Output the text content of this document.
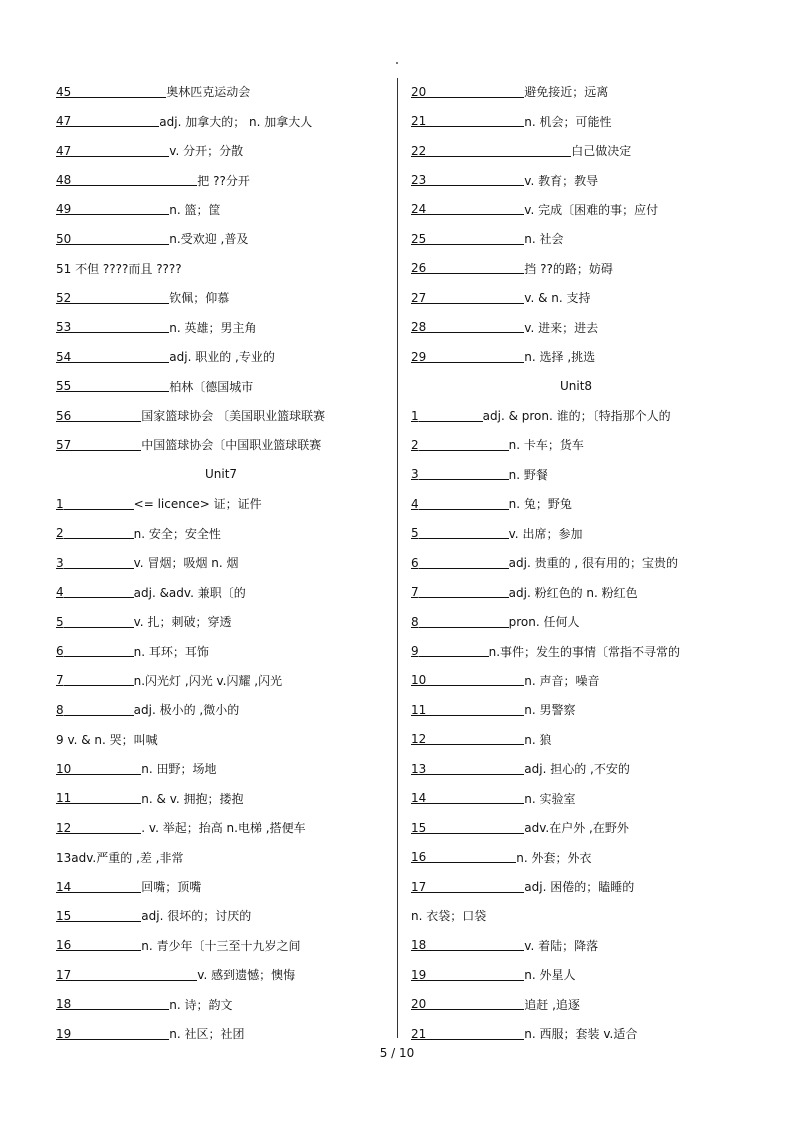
45	奥林匹克运动会
47	adj. 加拿大的； n. 加拿大人
47	v. 分开；分散
48	把 ??分开
49	n. 篮；筐
50	n.受欢迎 ,普及
51 不但 ????而且 ????
52	钦佩；仰慕
53	n. 英雄；男主角
54	adj. 职业的 ,专业的
55	柏林〔德国城市
56	国家篮球协会 〔美国职业篮球联赛
57	中国篮球协会〔中国职业篮球联赛
Unit7
1	<= licence> 证；证件
2	n. 安全；安全性
3	v. 冒烟；吸烟 n. 烟
4	adj. &adv. 兼职〔的
5	v. 扎；刺破；穿透
6	n. 耳环；耳饰
7	n.闪光灯 ,闪光 v.闪耀 ,闪光
8	adj. 极小的 ,微小的
9 v. & n. 哭；叫喊
10	n. 田野；场地
11	n. & v. 拥抱；搂抱
12	. v. 举起；抬高 n.电梯 ,搭便车
13adv.严重的 ,差 ,非常
14	回嘴；顶嘴
15	adj. 很坏的；讨厌的
16	n. 青少年〔十三至十九岁之间
17	v. 感到遗憾；懊悔
18	n. 诗；韵文
19	n. 社区；社团
20	避免接近；远离
21	n. 机会；可能性
22	白己做决定
23	v. 教育；教导
24	v. 完成〔困难的事；应付
25	n. 社会
26	挡 ??的路；妨碍
27	v. & n. 支持
28	v. 进来；进去
29	n. 选择 ,挑选
Unit8
1	adj. & pron. 谁的；〔特指那个人的
2	n. 卡车；货车
3	n. 野餐
4	n. 兔；野兔
5	v. 出席；参加
6	adj. 贵重的 , 很有用的；宝贵的
7	adj. 粉红色的 n. 粉红色
8	pron. 任何人
9	n.事件；发生的事情〔常指不寻常的
10	n. 声音；噪音
11	n. 男警察
12	n. 狼
13	adj. 担心的 ,不安的
14	n. 实验室
15	adv.在户外 ,在野外
16	n. 外套；外衣
17	adj. 困倦的；瞌睡的
n. 衣袋；口袋
18	v. 着陆；降落
19	n. 外星人
20	追赶 ,追逐
21	n. 西服；套装 v.适合
5 / 10
